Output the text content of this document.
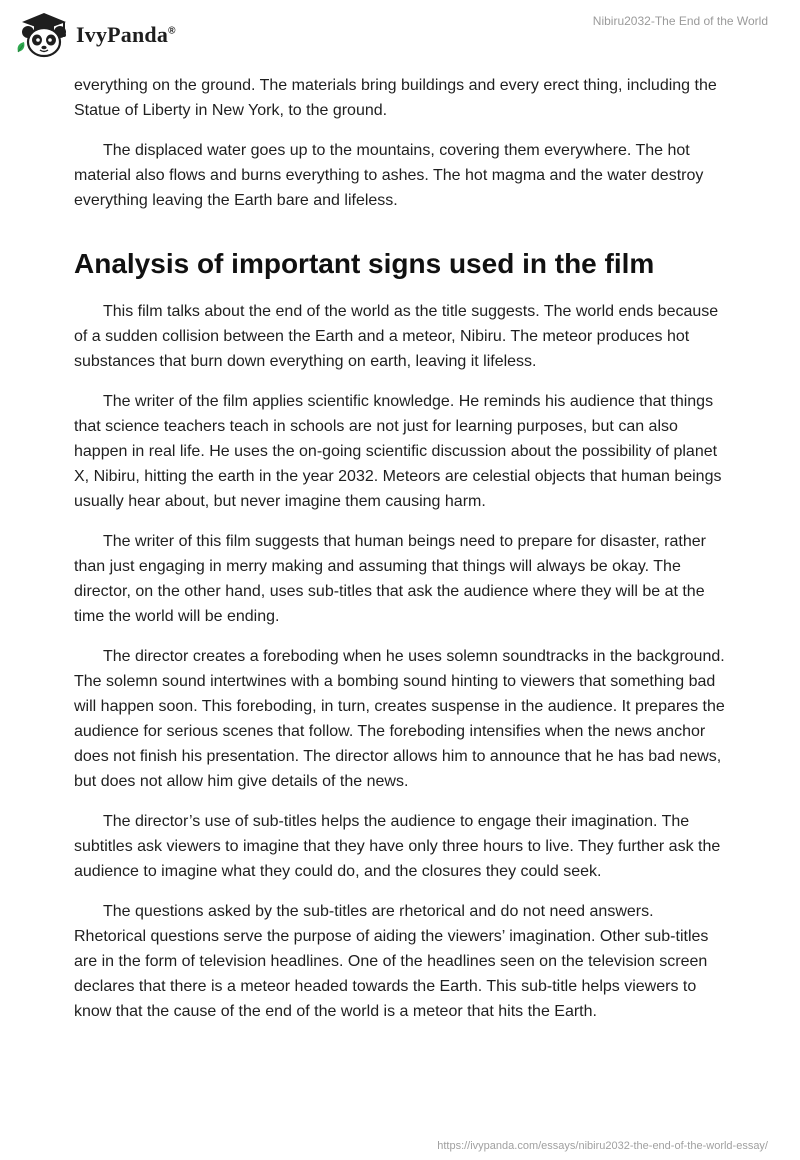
IvyPanda®
Nibiru2032-The End of the World

everything on the ground. The materials bring buildings and every erect thing, including the Statue of Liberty in New York, to the ground.

The displaced water goes up to the mountains, covering them everywhere. The hot material also flows and burns everything to ashes. The hot magma and the water destroy everything leaving the Earth bare and lifeless.

Analysis of important signs used in the film

This film talks about the end of the world as the title suggests. The world ends because of a sudden collision between the Earth and a meteor, Nibiru. The meteor produces hot substances that burn down everything on earth, leaving it lifeless.

The writer of the film applies scientific knowledge. He reminds his audience that things that science teachers teach in schools are not just for learning purposes, but can also happen in real life. He uses the on-going scientific discussion about the possibility of planet X, Nibiru, hitting the earth in the year 2032. Meteors are celestial objects that human beings usually hear about, but never imagine them causing harm.

The writer of this film suggests that human beings need to prepare for disaster, rather than just engaging in merry making and assuming that things will always be okay. The director, on the other hand, uses sub-titles that ask the audience where they will be at the time the world will be ending.

The director creates a foreboding when he uses solemn soundtracks in the background. The solemn sound intertwines with a bombing sound hinting to viewers that something bad will happen soon. This foreboding, in turn, creates suspense in the audience. It prepares the audience for serious scenes that follow. The foreboding intensifies when the news anchor does not finish his presentation. The director allows him to announce that he has bad news, but does not allow him give details of the news.

The director’s use of sub-titles helps the audience to engage their imagination. The subtitles ask viewers to imagine that they have only three hours to live. They further ask the audience to imagine what they could do, and the closures they could seek.

The questions asked by the sub-titles are rhetorical and do not need answers. Rhetorical questions serve the purpose of aiding the viewers’ imagination. Other sub-titles are in the form of television headlines. One of the headlines seen on the television screen declares that there is a meteor headed towards the Earth. This sub-title helps viewers to know that the cause of the end of the world is a meteor that hits the Earth.

https://ivypanda.com/essays/nibiru2032-the-end-of-the-world-essay/
